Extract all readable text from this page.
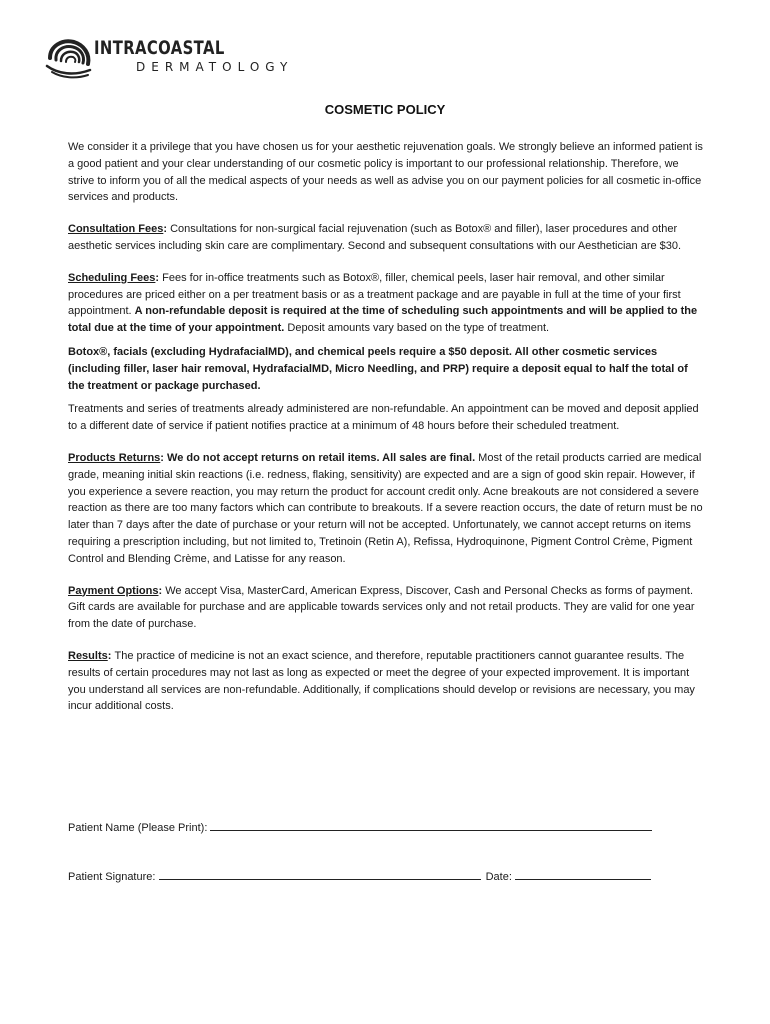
INTRACOASTAL
DERMATOLOGY
COSMETIC POLICY

We consider it a privilege that you have chosen us for your aesthetic rejuvenation goals. We strongly believe an informed patient is a good patient and your clear understanding of our cosmetic policy is important to our professional relationship. Therefore, we strive to inform you of all the medical aspects of your needs as well as advise you on our payment policies for all cosmetic in-office services and products.

Consultation Fees: Consultations for non-surgical facial rejuvenation (such as Botox® and filler), laser procedures and other aesthetic services including skin care are complimentary. Second and subsequent consultations with our Aesthetician are $30.

Scheduling Fees: Fees for in-office treatments such as Botox®, filler, chemical peels, laser hair removal, and other similar procedures are priced either on a per treatment basis or as a treatment package and are payable in full at the time of your first appointment. A non-refundable deposit is required at the time of scheduling such appointments and will be applied to the total due at the time of your appointment. Deposit amounts vary based on the type of treatment.

Botox®, facials (excluding HydrafacialMD), and chemical peels require a $50 deposit. All other cosmetic services (including filler, laser hair removal, HydrafacialMD, Micro Needling, and PRP) require a deposit equal to half the total of the treatment or package purchased.

Treatments and series of treatments already administered are non-refundable. An appointment can be moved and deposit applied to a different date of service if patient notifies practice at a minimum of 48 hours before their scheduled treatment.

Products Returns: We do not accept returns on retail items. All sales are final. Most of the retail products carried are medical grade, meaning initial skin reactions (i.e. redness, flaking, sensitivity) are expected and are a sign of good skin repair. However, if you experience a severe reaction, you may return the product for account credit only. Acne breakouts are not considered a severe reaction as there are too many factors which can contribute to breakouts. If a severe reaction occurs, the date of return must be no later than 7 days after the date of purchase or your return will not be accepted. Unfortunately, we cannot accept returns on items requiring a prescription including, but not limited to, Tretinoin (Retin A), Refissa, Hydroquinone, Pigment Control Crème, Pigment Control and Blending Crème, and Latisse for any reason.

Payment Options: We accept Visa, MasterCard, American Express, Discover, Cash and Personal Checks as forms of payment. Gift cards are available for purchase and are applicable towards services only and not retail products. They are valid for one year from the date of purchase.

Results: The practice of medicine is not an exact science, and therefore, reputable practitioners cannot guarantee results. The results of certain procedures may not last as long as expected or meet the degree of your expected improvement. It is important you understand all services are non-refundable. Additionally, if complications should develop or revisions are necessary, you may incur additional costs.

Patient Name (Please Print):
Patient Signature:	Date:
